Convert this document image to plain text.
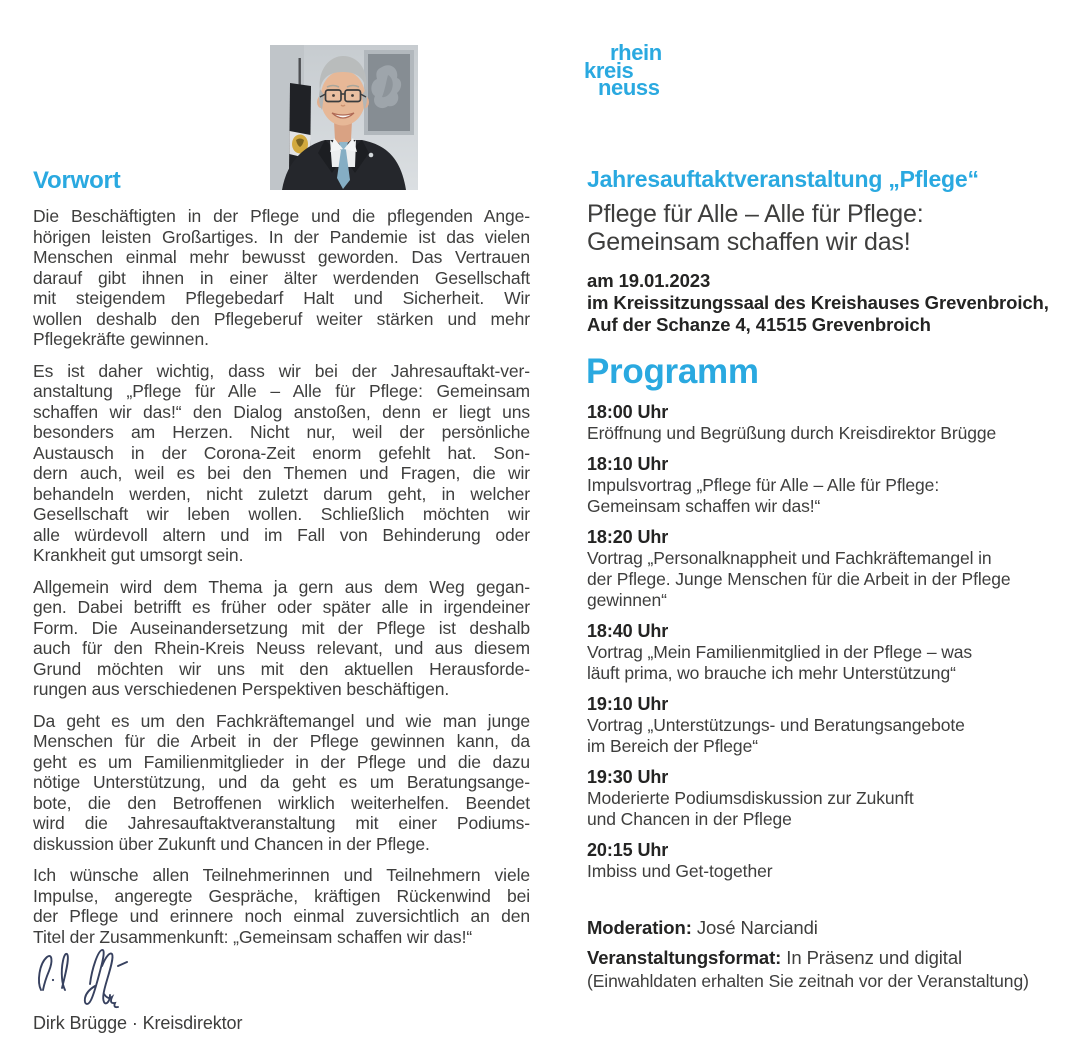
Vorwort
Die Beschäftigten in der Pflege und die pflegenden Ange-
hörigen leisten Großartiges. In der Pandemie ist das vielen
Menschen einmal mehr bewusst geworden. Das Vertrauen
darauf gibt ihnen in einer älter werdenden Gesellschaft
mit steigendem Pflegebedarf Halt und Sicherheit. Wir
wollen deshalb den Pflegeberuf weiter stärken und mehr
Pflegekräfte gewinnen.
Es ist daher wichtig, dass wir bei der Jahresauftakt-ver-
anstaltung „Pflege für Alle – Alle für Pflege: Gemeinsam
schaffen wir das!“ den Dialog anstoßen, denn er liegt uns
besonders am Herzen. Nicht nur, weil der persönliche
Austausch in der Corona-Zeit enorm gefehlt hat. Son-
dern auch, weil es bei den Themen und Fragen, die wir
behandeln werden, nicht zuletzt darum geht, in welcher
Gesellschaft wir leben wollen. Schließlich möchten wir
alle würdevoll altern und im Fall von Behinderung oder
Krankheit gut umsorgt sein.
Allgemein wird dem Thema ja gern aus dem Weg gegan-
gen. Dabei betrifft es früher oder später alle in irgendeiner
Form. Die Auseinandersetzung mit der Pflege ist deshalb
auch für den Rhein-Kreis Neuss relevant, und aus diesem
Grund möchten wir uns mit den aktuellen Herausforde-
rungen aus verschiedenen Perspektiven beschäftigen.
Da geht es um den Fachkräftemangel und wie man junge
Menschen für die Arbeit in der Pflege gewinnen kann, da
geht es um Familienmitglieder in der Pflege und die dazu
nötige Unterstützung, und da geht es um Beratungsange-
bote, die den Betroffenen wirklich weiterhelfen. Beendet
wird die Jahresauftaktveranstaltung mit einer Podiums-
diskussion über Zukunft und Chancen in der Pflege.
Ich wünsche allen Teilnehmerinnen und Teilnehmern viele
Impulse, angeregte Gespräche, kräftigen Rückenwind bei
der Pflege und erinnere noch einmal zuversichtlich an den
Titel der Zusammenkunft: „Gemeinsam schaffen wir das!“
Dirk Brügge · Kreisdirektor
rhein
kreis
neuss
Jahresauftaktveranstaltung „Pflege“
Pflege für Alle – Alle für Pflege:
Gemeinsam schaffen wir das!
am 19.01.2023
im Kreissitzungssaal des Kreishauses Grevenbroich,
Auf der Schanze 4, 41515 Grevenbroich
Programm
18:00 Uhr
Eröffnung und Begrüßung durch Kreisdirektor Brügge
18:10 Uhr
Impulsvortrag „Pflege für Alle – Alle für Pflege:
Gemeinsam schaffen wir das!“
18:20 Uhr
Vortrag „Personalknappheit und Fachkräftemangel in
der Pflege. Junge Menschen für die Arbeit in der Pflege
gewinnen“
18:40 Uhr
Vortrag „Mein Familienmitglied in der Pflege – was
läuft prima, wo brauche ich mehr Unterstützung“
19:10 Uhr
Vortrag „Unterstützungs- und Beratungsangebote
im Bereich der Pflege“
19:30 Uhr
Moderierte Podiumsdiskussion zur Zukunft
und Chancen in der Pflege
20:15 Uhr
Imbiss und Get-together
Moderation: José Narciandi
Veranstaltungsformat: In Präsenz und digital
(Einwahldaten erhalten Sie zeitnah vor der Veranstaltung)
